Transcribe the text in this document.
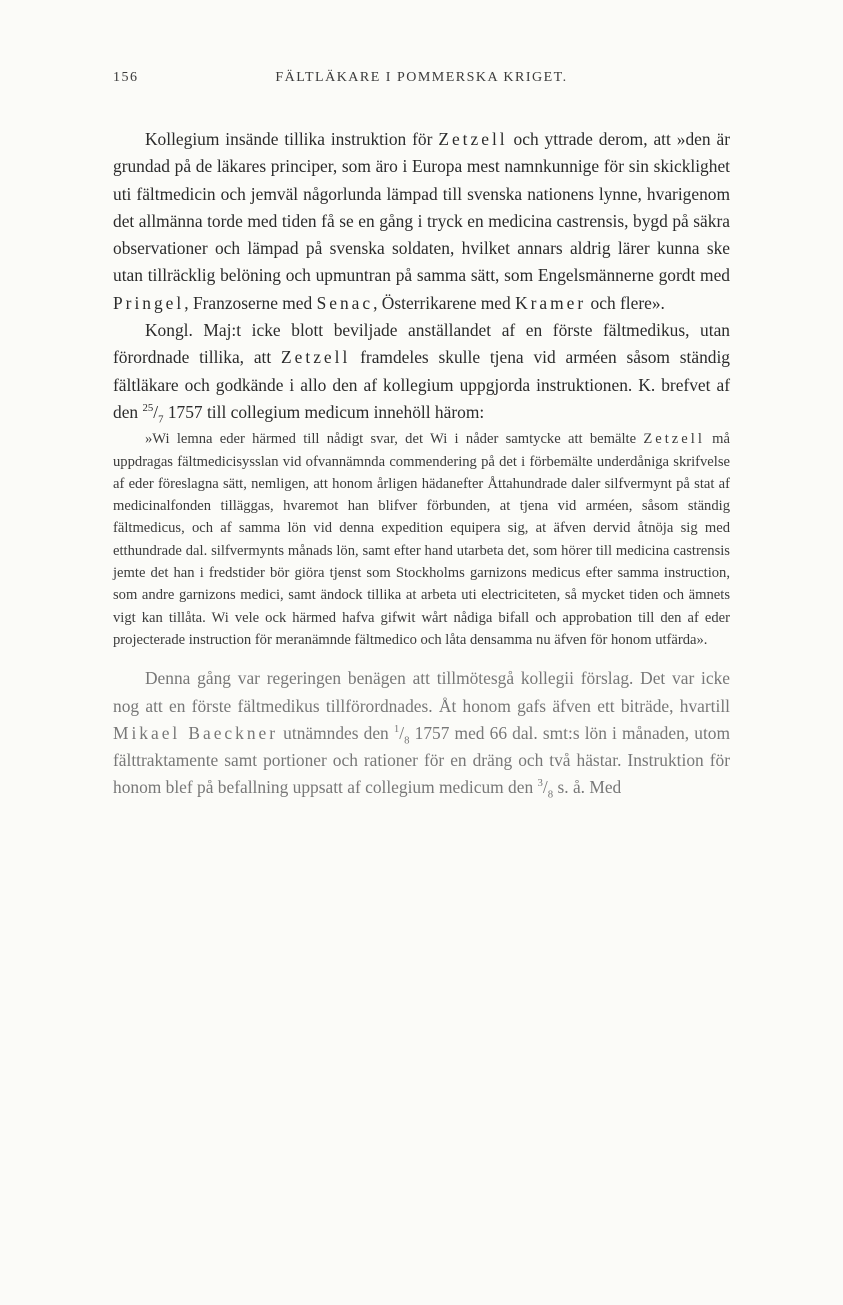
156	FÄLTLÄKARE I POMMERSKA KRIGET.

Kollegium insände tillika instruktion för Zetzell och yttrade derom, att »den är grundad på de läkares principer, som äro i Europa mest namnkunnige för sin skicklighet uti fältmedicin och jemväl någorlunda lämpad till svenska nationens lynne, hvarigenom det allmänna torde med tiden få se en gång i tryck en medicina castrensis, bygd på säkra observationer och lämpad på svenska soldaten, hvilket annars aldrig lärer kunna ske utan tillräcklig belöning och upmuntran på samma sätt, som Engelsmännerne gordt med Pringel, Franzoserne med Senac, Österrikarene med Kramer och flere».

Kongl. Maj:t icke blott beviljade anställandet af en förste fältmedikus, utan förordnade tillika, att Zetzell framdeles skulle tjena vid arméen såsom ständig fältläkare och godkände i allo den af kollegium uppgjorda instruktionen. K. brefvet af den $^{25}/_7$ 1757 till collegium medicum innehöll härom:

»Wi lemna eder härmed till nådigt svar, det Wi i nåder samtycke att bemälte Zetzell må uppdragas fältmedicisysslan vid ofvannämnda commendering på det i förbemälte underdåniga skrifvelse af eder föreslagna sätt, nemligen, att honom årligen hädanefter Åttahundrade daler silfvermynt på stat af medicinalfonden tilläggas, hvaremot han blifver förbunden, at tjena vid arméen, såsom ständig fältmedicus, och af samma lön vid denna expedition equipera sig, at äfven dervid åtnöja sig med etthundrade dal. silfvermynts månads lön, samt efter hand utarbeta det, som hörer till medicina castrensis jemte det han i fredstider bör giöra tjenst som Stockholms garnizons medicus efter samma instruction, som andre garnizons medici, samt ändock tillika at arbeta uti electriciteten, så mycket tiden och ämnets vigt kan tillåta. Wi vele ock härmed hafva gifwit wårt nådiga bifall och approbation till den af eder projecterade instruction för meranämnde fältmedico och låta densamma nu äfven för honom utfärda».

Denna gång var regeringen benägen att tillmötesgå kollegii förslag. Det var icke nog att en förste fältmedikus tillförordnades. Åt honom gafs äfven ett biträde, hvartill Mikael Baeckner utnämndes den $^1/_8$ 1757 med 66 dal. smt:s lön i månaden, utom fälttraktamente samt portioner och rationer för en dräng och två hästar. Instruktion för honom blef på befallning uppsatt af collegium medicum den $^3/_8$ s. å. Med
